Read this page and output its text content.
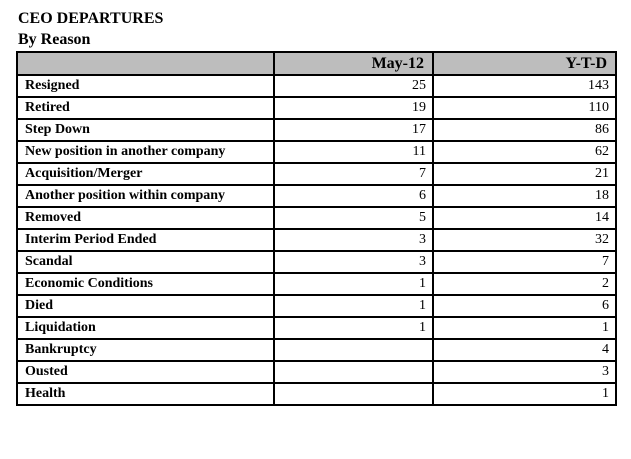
CEO DEPARTURES
By Reason
	May-12	Y-T-D
Resigned	25	143
Retired	19	110
Step Down	17	86
New position in another company	11	62
Acquisition/Merger	7	21
Another position within company	6	18
Removed	5	14
Interim Period Ended	3	32
Scandal	3	7
Economic Conditions	1	2
Died	1	6
Liquidation	1	1
Bankruptcy		4
Ousted		3
Health		1
